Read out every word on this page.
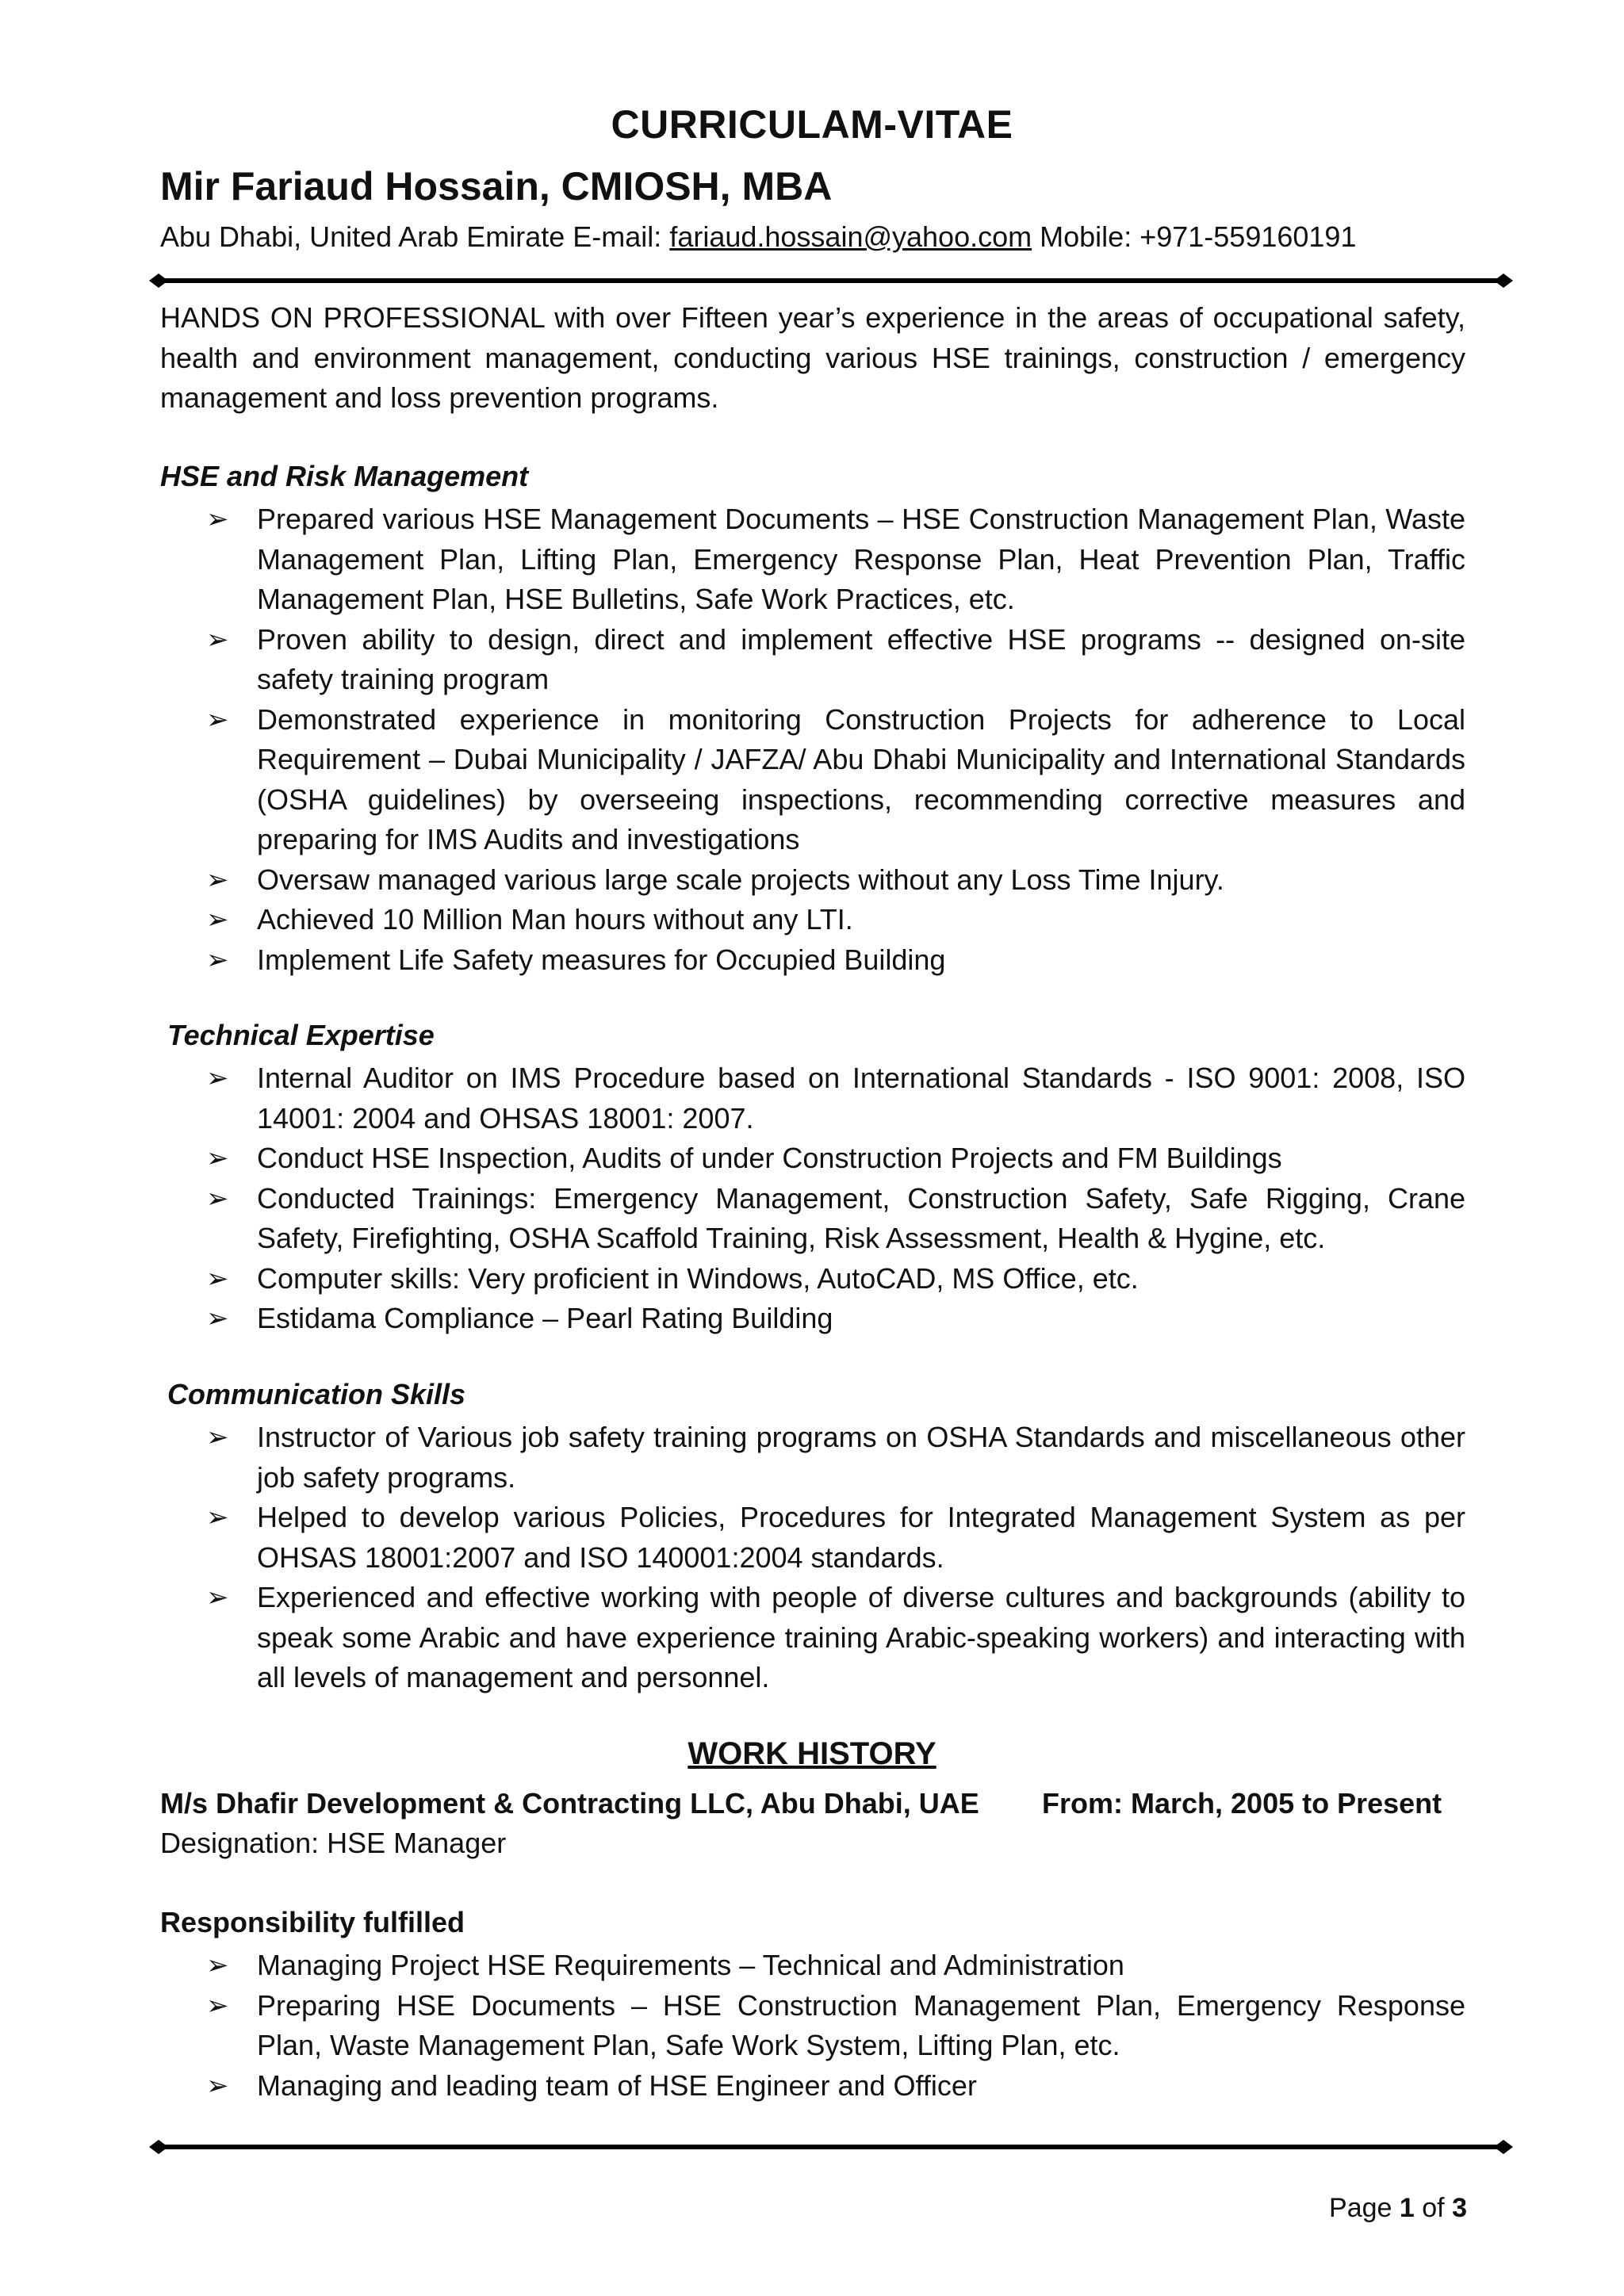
CURRICULAM-VITAE
Mir Fariaud Hossain, CMIOSH, MBA
Abu Dhabi, United Arab Emirate E-mail: fariaud.hossain@yahoo.com Mobile: +971-559160191

HANDS ON PROFESSIONAL with over Fifteen year’s experience in the areas of occupational safety, health and environment management, conducting various HSE trainings, construction / emergency management and loss prevention programs.

HSE and Risk Management
➢ Prepared various HSE Management Documents – HSE Construction Management Plan, Waste Management Plan, Lifting Plan, Emergency Response Plan, Heat Prevention Plan, Traffic Management Plan, HSE Bulletins, Safe Work Practices, etc.
➢ Proven ability to design, direct and implement effective HSE programs -- designed on-site safety training program
➢ Demonstrated experience in monitoring Construction Projects for adherence to Local Requirement – Dubai Municipality / JAFZA/ Abu Dhabi Municipality and International Standards (OSHA guidelines) by overseeing inspections, recommending corrective measures and preparing for IMS Audits and investigations
➢ Oversaw managed various large scale projects without any Loss Time Injury.
➢ Achieved 10 Million Man hours without any LTI.
➢ Implement Life Safety measures for Occupied Building
Technical Expertise
➢ Internal Auditor on IMS Procedure based on International Standards - ISO 9001: 2008, ISO 14001: 2004 and OHSAS 18001: 2007.
➢ Conduct HSE Inspection, Audits of under Construction Projects and FM Buildings
➢ Conducted Trainings: Emergency Management, Construction Safety, Safe Rigging, Crane Safety, Firefighting, OSHA Scaffold Training, Risk Assessment, Health & Hygine, etc.
➢ Computer skills: Very proficient in Windows, AutoCAD, MS Office, etc.
➢ Estidama Compliance – Pearl Rating Building
Communication Skills
➢ Instructor of Various job safety training programs on OSHA Standards and miscellaneous other job safety programs.
➢ Helped to develop various Policies, Procedures for Integrated Management System as per OHSAS 18001:2007 and ISO 140001:2004 standards.
➢ Experienced and effective working with people of diverse cultures and backgrounds (ability to speak some Arabic and have experience training Arabic-speaking workers) and interacting with all levels of management and personnel.
WORK HISTORY
M/s Dhafir Development & Contracting LLC, Abu Dhabi, UAE From: March, 2005 to Present
Designation: HSE Manager
Responsibility fulfilled
➢ Managing Project HSE Requirements – Technical and Administration
➢ Preparing HSE Documents – HSE Construction Management Plan, Emergency Response Plan, Waste Management Plan, Safe Work System, Lifting Plan, etc.
➢ Managing and leading team of HSE Engineer and Officer
Page 1 of 3
